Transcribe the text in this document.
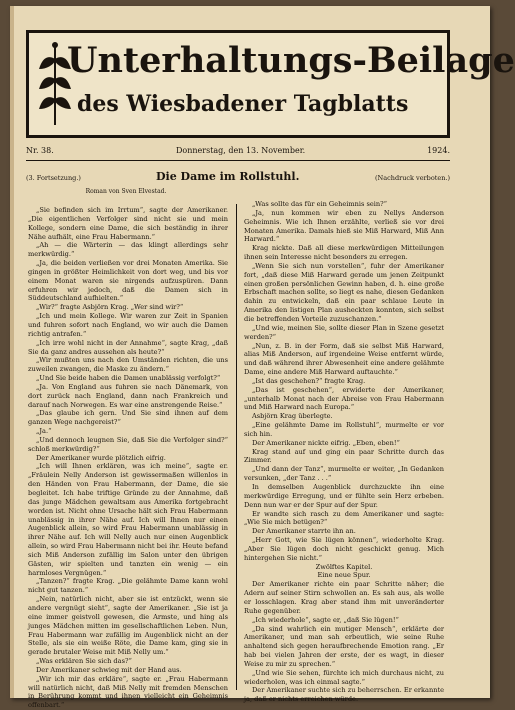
Unterhaltungs-Beilage
des Wiesbadener Tagblatts
Nr. 38.	Donnerstag, den 13. November.	1924.
(3. Fortsetzung.)	Die Dame im Rollstuhl.	(Nachdruck verboten.)
Roman von Sven Elvestad.

„Sie befinden sich im Irrtum“, sagte der Amerikaner. „Die eigentlichen Verfolger sind nicht sie und mein Kollege, sondern eine Dame, die sich beständig in ihrer Nähe aufhält, eine Frau Habermann.“

„Ah — die Wärterin — das klingt allerdings sehr merkwürdig.“

„Ja, die beiden verließen vor drei Monaten Amerika. Sie gingen in größter Heimlichkeit von dort weg, und bis vor einem Monat waren sie nirgends aufzuspüren. Dann erfuhren wir jedoch, daß die Damen sich in Süddeutschland aufhielten.“

„Wir?“ fragte Asbjörn Krag. „Wer sind wir?“

„Ich und mein Kollege. Wir waren zur Zeit in Spanien und fuhren sofort nach England, wo wir auch die Damen richtig antrafen.“

„Ich irre wohl nicht in der Annahme“, sagte Krag, „daß Sie da ganz andres aussehen als heute?“

„Wir mußten uns nach den Umständen richten, die uns zuweilen zwangen, die Maske zu ändern.“

„Und Sie beide haben die Damen unablässig verfolgt?“

„Ja. Von England aus fuhren sie nach Dänemark, von dort zurück nach England, dann nach Frankreich und darauf nach Norwegen. Es war eine anstrengende Reise.“

„Das glaube ich gern. Und Sie sind ihnen auf dem ganzen Wege nachgereist?“

„Ja.“

„Und dennoch leugnen Sie, daß Sie die Verfolger sind?“ schloß merkwürdig?“

Der Amerikaner wurde plötzlich eifrig.

„Ich will Ihnen erklären, was ich meine“, sagte er. „Fräulein Nelly Anderson ist gewissermaßen willenlos in den Händen von Frau Habermann, der Dame, die sie begleitet. Ich habe triftige Gründe zu der Annahme, daß das junge Mädchen gewaltsam aus Amerika fortgebracht worden ist. Nicht ohne Ursache hält sich Frau Habermann unablässig in ihrer Nähe auf. Ich will Ihnen nur einen Augenblick allein, so wird Frau Habermann unablässig in ihrer Nähe auf. Ich will Nelly auch nur einen Augenblick allein, so wird Frau Habermann nicht bei ihr. Heute befand sich Miß Anderson zufällig im Salon unter den übrigen Gästen, wir spielten und tanzten ein wenig — ein harmloses Vergnügen.“

„Tanzen?“ fragte Krag. „Die gelähmte Dame kann wohl nicht gut tanzen.“

„Nein, natürlich nicht, aber sie ist entzückt, wenn sie andere vergnügt sieht“, sagte der Amerikaner. „Sie ist ja eine immer geistvoll gewesen, die Armste, und hing als junges Mädchen mitten im gesellschaftlichen Leben. Nun, Frau Habermann war zufällig im Augenblick nicht an der Stelle, als sie ein weiße Röte, die Dame kam, ging sie in gerade brutaler Weise mit Miß Nelly um.“

„Was erklären Sie sich das?“

Der Amerikaner schwieg mit der Hand aus.

„Wir ich mir das erkläre“, sagte er. „Frau Habermann will natürlich nicht, daß Miß Nelly mit fremden Menschen in Berührung kommt und ihnen vielleicht ein Geheimnis offenbart.“

„Was sollte das für ein Geheimnis sein?“

„Ja, nun kommen wir eben zu Nellys Anderson Geheimnis. Wie ich Ihnen erzählte, verließ sie vor drei Monaten Amerika. Damals hieß sie Miß Harward, Miß Ann Harward.“

Krag nickte. Daß all diese merkwürdigen Mitteilungen ihnen sein Interesse nicht besonders zu erregen.

„Wenn Sie sich nun vorstellen“, fuhr der Amerikaner fort, „daß diese Miß Harward gerade um jenen Zeitpunkt einen großen persönlichen Gewinn haben, d. h. eine große Erbschaft machen sollte, so liegt es nahe, diesen Gedanken dahin zu entwickeln, daß ein paar schlaue Leute in Amerika den listigen Plan ausheckten konnten, sich selbst die betreffenden Vorteile zuzuschanzen.“

„Und wie, meinen Sie, sollte dieser Plan in Szene gesetzt werden?“

„Nun, z. B. in der Form, daß sie selbst Miß Harward, alias Miß Anderson, auf irgendeine Weise entfernt würde, und daß während ihrer Abwesenheit eine andere gelähmte Dame, eine andere Miß Harward auftauchte.“

„Ist das geschehen?“ fragte Krag.

„Das ist geschehen“, erwiderte der Amerikaner, „unterhalb Monat nach der Abreise von Frau Habermann und Miß Harward nach Europa.“

Asbjörn Krag überlegte.

„Eine gelähmte Dame im Rollstuhl“, murmelte er vor sich hin.

Der Amerikaner nickte eifrig. „Eben, eben!“

Krag stand auf und ging ein paar Schritte durch das Zimmer.

„Und dann der Tanz“, murmelte er weiter, „In Gedanken versunken, „der Tanz . . .“

In demselben Augenblick durchzuckte ihn eine merkwürdige Erregung, und er fühlte sein Herz erbeben. Denn nun war er der Spur auf der Spur.

Er wandte sich rasch zu dem Amerikaner und sagte: „Wie Sie mich betügen?“

Der Amerikaner starrte ihn an.

„Herr Gott, wie Sie lügen können“, wiederholte Krag. „Aber Sie lügen doch nicht geschickt genug. Mich hintergehen Sie nicht.“

Zwölftes Kapitel.

Eine neue Spur.

Der Amerikaner richte ein paar Schritte näher; die Adern auf seiner Stirn schwollen an. Es sah aus, als wolle er losschlagen. Krag aber stand ihm mit unveränderter Ruhe gegenüber.

„Ich wiederhole“, sagte er, „daß Sie lügen!“

„Da sind wahrlich ein mutiger Mensch“, erklärte der Amerikaner, und man sah erbeutlich, wie seine Ruhe anhaltend sich gegen heraufbrechende Emotion rang. „Er hab bei vielen Jahren der erste, der es wagt, in dieser Weise zu mir zu sprechen.“

„Und wie Sie sehen, fürchte ich mich durchaus nicht, zu wiederholen, was ich einmal sagte.“

Der Amerikaner suchte sich zu beherrschen. Er erkannte ja, daß er nichts erreichen würde.
